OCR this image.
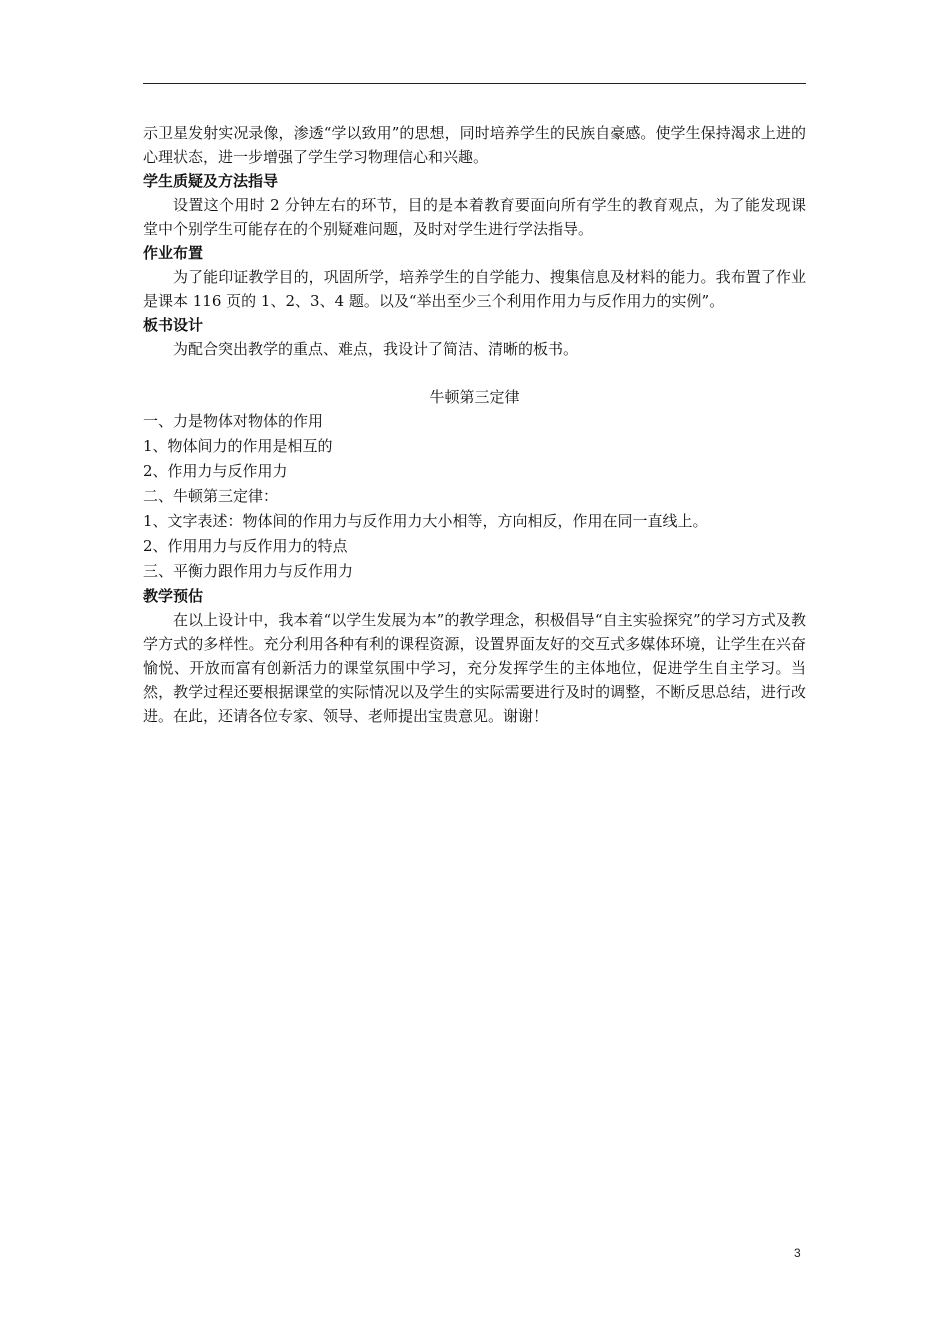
示卫星发射实况录像，渗透“学以致用”的思想，同时培养学生的民族自豪感。使学生保持渴求上进的心理状态，进一步增强了学生学习物理信心和兴趣。

学生质疑及方法指导

设置这个用时 2 分钟左右的环节，目的是本着教育要面向所有学生的教育观点，为了能发现课堂中个别学生可能存在的个别疑难问题，及时对学生进行学法指导。

作业布置

为了能印证教学目的，巩固所学，培养学生的自学能力、搜集信息及材料的能力。我布置了作业是课本 116 页的 1、2、3、4 题。以及“举出至少三个利用作用力与反作用力的实例”。

板书设计

为配合突出教学的重点、难点，我设计了简洁、清晰的板书。

牛顿第三定律

一、力是物体对物体的作用

1、物体间力的作用是相互的

2、作用力与反作用力

二、牛顿第三定律：

1、文字表述：物体间的作用力与反作用力大小相等，方向相反，作用在同一直线上。

2、作用用力与反作用力的特点

三、平衡力跟作用力与反作用力

教学预估

在以上设计中，我本着“以学生发展为本”的教学理念，积极倡导“自主实验探究”的学习方式及教学方式的多样性。充分利用各种有利的课程资源，设置界面友好的交互式多媒体环境，让学生在兴奋愉悦、开放而富有创新活力的课堂氛围中学习，充分发挥学生的主体地位，促进学生自主学习。当然，教学过程还要根据课堂的实际情况以及学生的实际需要进行及时的调整，不断反思总结，进行改进。在此，还请各位专家、领导、老师提出宝贵意见。谢谢！

3
